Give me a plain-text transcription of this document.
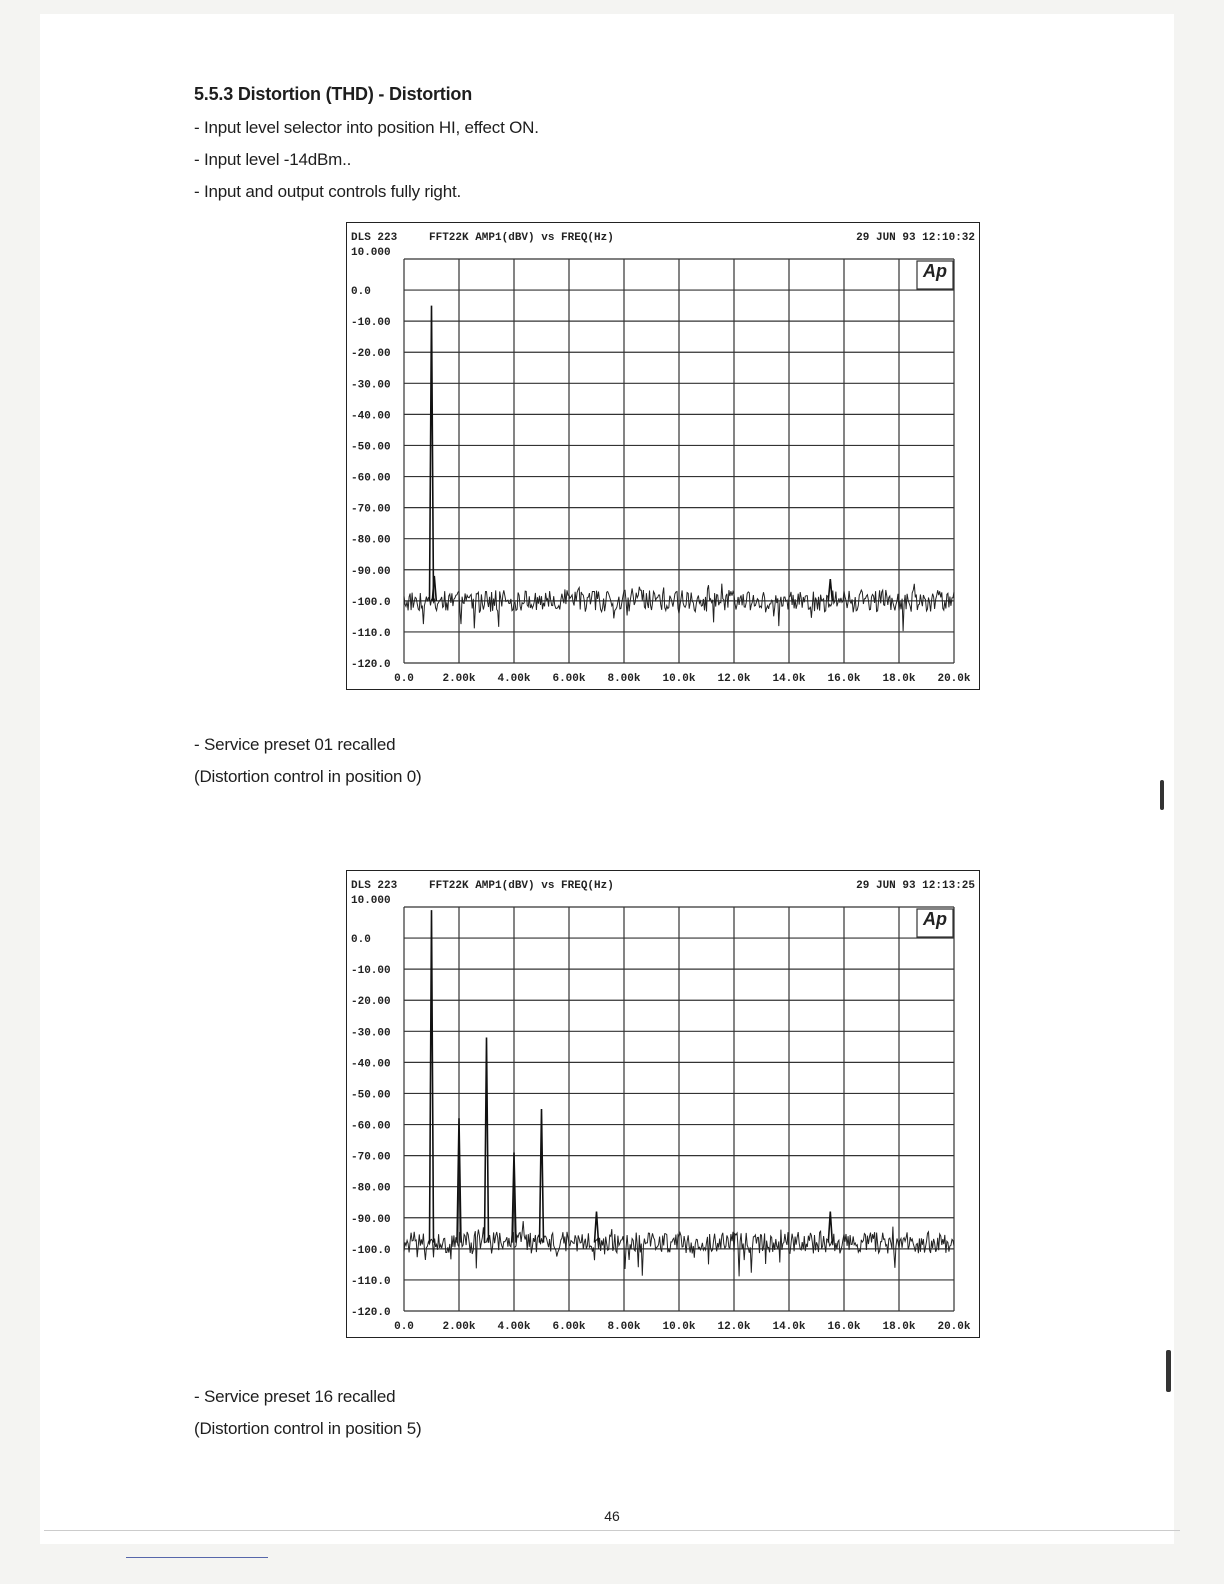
5.5.3 Distortion (THD) - Distortion
- Input level selector into position HI, effect ON.
- Input level -14dBm..
- Input and output controls fully right.
DLS 223	FFT22K AMP1(dBV) vs FREQ(Hz)	29 JUN 93 12:10:32
Ap
10.000
0.0
-10.00
-20.00
-30.00
-40.00
-50.00
-60.00
-70.00
-80.00
-90.00
-100.0
-110.0
-120.0
0.0	2.00k 4.00k 6.00k 8.00k 10.0k 12.0k 14.0k 16.0k 18.0k 20.0k
- Service preset 01 recalled
(Distortion control in position 0)
DLS 223	FFT22K AMP1(dBV) vs FREQ(Hz)	29 JUN 93 12:13:25
Ap
10.000
0.0
-10.00
-20.00
-30.00
-40.00
-50.00
-60.00
-70.00
-80.00
-90.00
-100.0
-110.0
-120.0
0.0	2.00k 4.00k 6.00k 8.00k 10.0k 12.0k 14.0k 16.0k 18.0k 20.0k
- Service preset 16 recalled
(Distortion control in position 5)
46
